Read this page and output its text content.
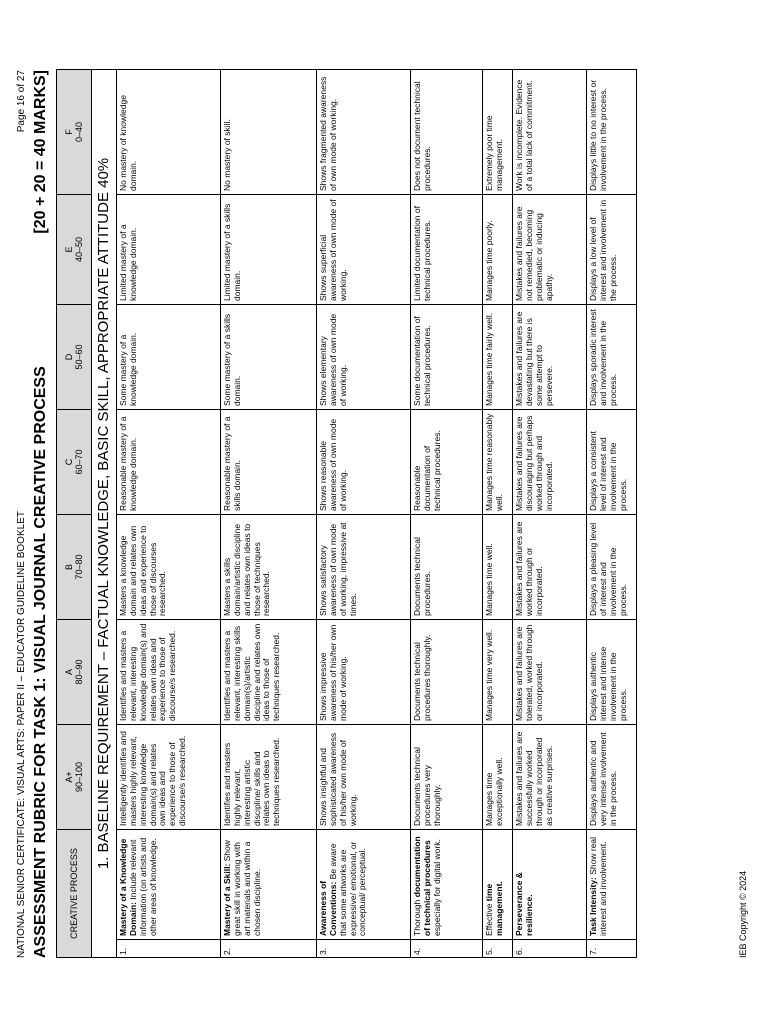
NATIONAL SENIOR CERTIFICATE: VISUAL ARTS: PAPER II – EDUCATOR GUIDELINE BOOKLET
Page 16 of 27
ASSESSMENT RUBRIC FOR TASK 1: VISUAL JOURNAL CREATIVE PROCESS
[20 + 20 = 40 MARKS]
CREATIVE PROCESS		A+ 90–100	A 80–90	B 70–80	C 60–70	D 50–60	E 40–50	F 0–40

1. BASELINE REQUIREMENT – FACTUAL KNOWLEDGE, BASIC SKILL, APPROPRIATE ATTITUDE 40%								
1.	Mastery of a Knowledge Domain: Include relevant information (on artists and other areas of knowledge.	Intelligently identifies and masters highly relevant, interesting knowledge domain(s) and relates own ideas and experience to those of discourse/s researched.	Identifies and masters a relevant, interesting knowledge domain(s) and relates own ideas and experience to those of discourse/s researched.	Masters a knowledge domain and relates own ideas and experience to those of discourses researched.	Reasonable mastery of a knowledge domain.	Some mastery of a knowledge domain.	Limited mastery of a knowledge domain.	No mastery of knowledge domain.
2.	Mastery of a Skill: Show great skill in working with art materials and within a chosen discipline.	Identifies and masters highly relevant, interesting artistic discipline/ skills and relates own ideas to techniques researched.	Identifies and masters a relevant, interesting skills domain(s)/artistic discipline and relates own ideas to those of techniques researched.	Masters a skills domain/artistic discipline and relates own ideas to those of techniques researched.	Reasonable mastery of a skills domain.	Some mastery of a skills domain.	Limited mastery of a skills domain.	No mastery of skill.
3.	Awareness of Conventions: Be aware that some artworks are expressive/ emotional, or conceptual/ perceptual.	Shows insightful and sophisticated awareness of his/her own mode of working.	Shows impressive awareness of his/her own mode of working.	Shows satisfactory awareness of own mode of working, impressive at times.	Shows reasonable awareness of own mode of working.	Shows elementary awareness of own mode of working.	Shows superficial awareness of own mode of working.	Shows fragmented awareness of own mode of working.
4.	Thorough documentation of technical procedures especially for digital work.	Documents technical procedures very thoroughly.	Documents technical procedures thoroughly.	Documents technical procedures.	Reasonable documentation of technical procedures.	Some documentation of technical procedures.	Limited documentation of technical procedures.	Does not document technical procedures.
5.	Effective time management.	Manages time exceptionally well.	Manages time very well.	Manages time well.	Manages time reasonably well.	Manages time fairly well.	Manages time poorly.	Extremely poor time management.
6.	Perseverance & resilience.	Mistakes and failures are successfully worked through or incorporated as creative surprises.	Mistakes and failures are tolerated, worked through or incorporated.	Mistakes and failures are worked through or incorporated.	Mistakes and failures are discouraging but perhaps worked through and incorporated.	Mistakes and failures are devastating but there is some attempt to persevere.	Mistakes and failures are not remedied, becoming problematic or inducing apathy.	Work is incomplete. Evidence of a total lack of commitment.
7.	Task Intensity: Show real interest and involvement.	Displays authentic and very intense involvement in the process.	Displays authentic interest and intense involvement in the process.	Displays a pleasing level of interest and involvement in the process.	Displays a consistent level of interest and involvement in the process.	Displays sporadic interest and involvement in the process.	Displays a low level of interest and involvement in the process.	Displays little to no interest or involvement in the process.
IEB Copyright © 2024
